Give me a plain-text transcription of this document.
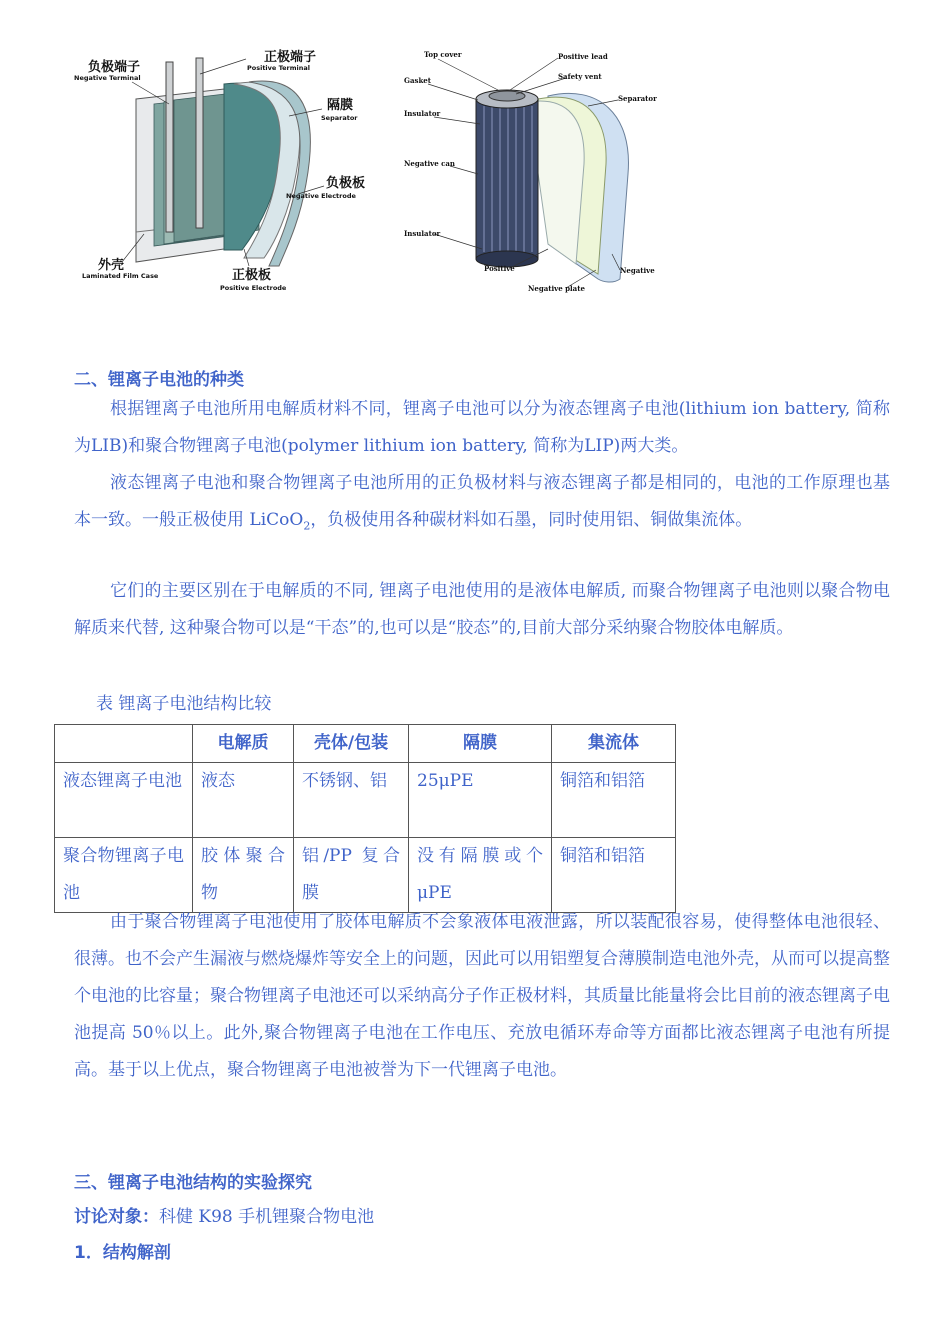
负极端子
Negative Terminal
正极端子
Positive Terminal
隔膜
Separator
负极板
Negative Electrode
外壳
Laminated Film Case	正极板
Positive Electrode
Top cover	Positive lead
Safety vent
Gasket
Separator
Insulator
Negative can
Insulator
Positive	Negative
Negative plate
二、锂离子电池的种类

根据锂离子电池所用电解质材料不同，锂离子电池可以分为液态锂离子电池(lithium ion battery, 简称为LIB)和聚合物锂离子电池(polymer lithium ion battery, 简称为LIP)两大类。

液态锂离子电池和聚合物锂离子电池所用的正负极材料与液态锂离子都是相同的，电池的工作原理也基本一致。一般正极使用 LiCoO$_2$，负极使用各种碳材料如石墨，同时使用铝、铜做集流体。

它们的主要区别在于电解质的不同, 锂离子电池使用的是液体电解质, 而聚合物锂离子电池则以聚合物电解质来代替, 这种聚合物可以是“干态”的,也可以是“胶态”的,目前大部分采纳聚合物胶体电解质。

表 锂离子电池结构比较
	电解质	壳体/包装	隔膜	集流体
液态锂离子电池	液态	不锈钢、铝	25μPE	铜箔和铝箔
聚合物锂离子电池	胶体聚合物	铝/PP 复合膜	没有隔膜或个μPE	铜箔和铝箔

由于聚合物锂离子电池使用了胶体电解质不会象液体电液泄露，所以装配很容易，使得整体电池很轻、很薄。也不会产生漏液与燃烧爆炸等安全上的问题，因此可以用铝塑复合薄膜制造电池外壳，从而可以提高整个电池的比容量；聚合物锂离子电池还可以采纳高分子作正极材料，其质量比能量将会比目前的液态锂离子电池提高 50％以上。此外,聚合物锂离子电池在工作电压、充放电循环寿命等方面都比液态锂离子电池有所提高。基于以上优点，聚合物锂离子电池被誉为下一代锂离子电池。

三、锂离子电池结构的实验探究
讨论对象：科健 K98 手机锂聚合物电池
1．结构解剖
